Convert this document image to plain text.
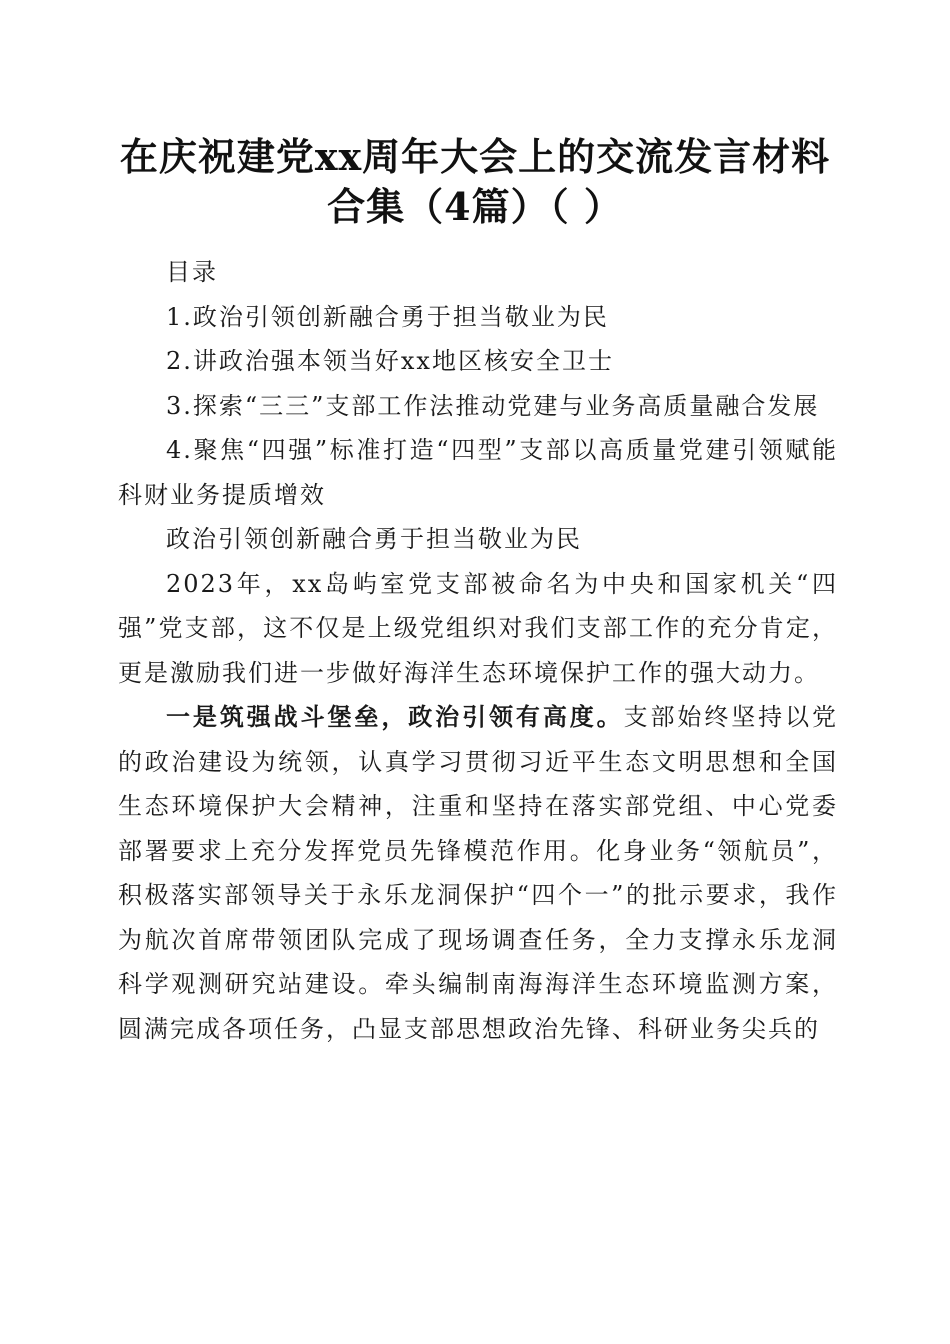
在庆祝建党xx周年大会上的交流发言材料合集（4篇）（ ）

目录

1.政治引领创新融合勇于担当敬业为民

2.讲政治强本领当好xx地区核安全卫士

3.探索“三三”支部工作法推动党建与业务高质量融合发展

4.聚焦“四强”标准打造“四型”支部以高质量党建引领赋能科财业务提质增效

政治引领创新融合勇于担当敬业为民

2023年，xx岛屿室党支部被命名为中央和国家机关“四强”党支部，这不仅是上级党组织对我们支部工作的充分肯定，更是激励我们进一步做好海洋生态环境保护工作的强大动力。

一是筑强战斗堡垒，政治引领有高度。支部始终坚持以党的政治建设为统领，认真学习贯彻习近平生态文明思想和全国生态环境保护大会精神，注重和坚持在落实部党组、中心党委部署要求上充分发挥党员先锋模范作用。化身业务“领航员”，积极落实部领导关于永乐龙洞保护“四个一”的批示要求，我作为航次首席带领团队完成了现场调查任务，全力支撑永乐龙洞科学观测研究站建设。牵头编制南海海洋生态环境监测方案，圆满完成各项任务，凸显支部思想政治先锋、科研业务尖兵的
